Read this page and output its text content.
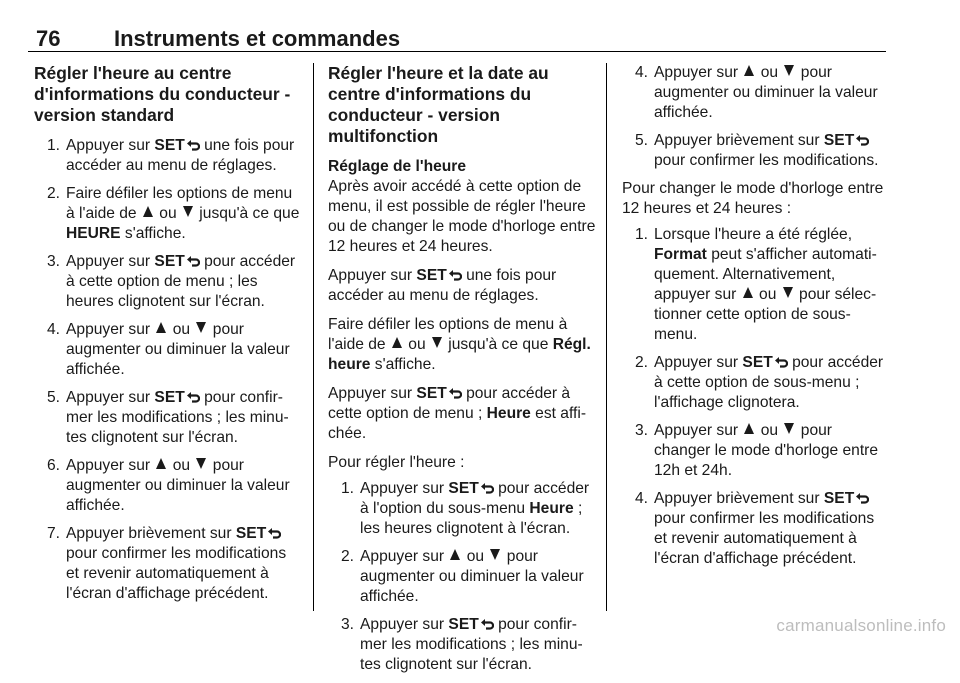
76 Instruments et commandes
Régler l'heure au centre d'informations du conducteur - version standard
1. Appuyer sur SET une fois pour accéder au menu de réglages.
2. Faire défiler les options de menu à l'aide de  ou  jusqu'à ce que HEURE s'affiche.
3. Appuyer sur SET pour accéder à cette option de menu ; les heures clignotent sur l'écran.
4. Appuyer sur  ou  pour augmenter ou diminuer la valeur affichée.
5. Appuyer sur SET pour confirmer les modifications ; les minutes clignotent sur l'écran.
6. Appuyer sur  ou  pour augmenter ou diminuer la valeur affichée.
7. Appuyer brièvement sur SET pour confirmer les modifications et revenir automatiquement à l'écran d'affichage précédent.
Régler l'heure et la date au centre d'informations du conducteur - version multifonction
Réglage de l'heure

Après avoir accédé à cette option de menu, il est possible de régler l'heure ou de changer le mode d'horloge entre 12 heures et 24 heures.

Appuyer sur SET une fois pour accéder au menu de réglages.

Faire défiler les options de menu à l'aide de  ou  jusqu'à ce que Régl. heure s'affiche.

Appuyer sur SET pour accéder à cette option de menu ; Heure est affichée.

Pour régler l'heure :

1. Appuyer sur SET pour accéder à l'option du sous-menu Heure ; les heures clignotent à l'écran.
2. Appuyer sur  ou  pour augmenter ou diminuer la valeur affichée.
3. Appuyer sur SET pour confirmer les modifications ; les minutes clignotent sur l'écran.
4. Appuyer sur  ou  pour augmenter ou diminuer la valeur affichée.
5. Appuyer brièvement sur SET pour confirmer les modifications.

Pour changer le mode d'horloge entre 12 heures et 24 heures :

1. Lorsque l'heure a été réglée, Format peut s'afficher automatiquement. Alternativement, appuyer sur  ou  pour sélectionner cette option de sous-menu.
2. Appuyer sur SET pour accéder à cette option de sous-menu ; l'affichage clignotera.
3. Appuyer sur  ou  pour changer le mode d'horloge entre 12h et 24h.
4. Appuyer brièvement sur SET pour confirmer les modifications et revenir automatiquement à l'écran d'affichage précédent.
carmanualsonline.info
